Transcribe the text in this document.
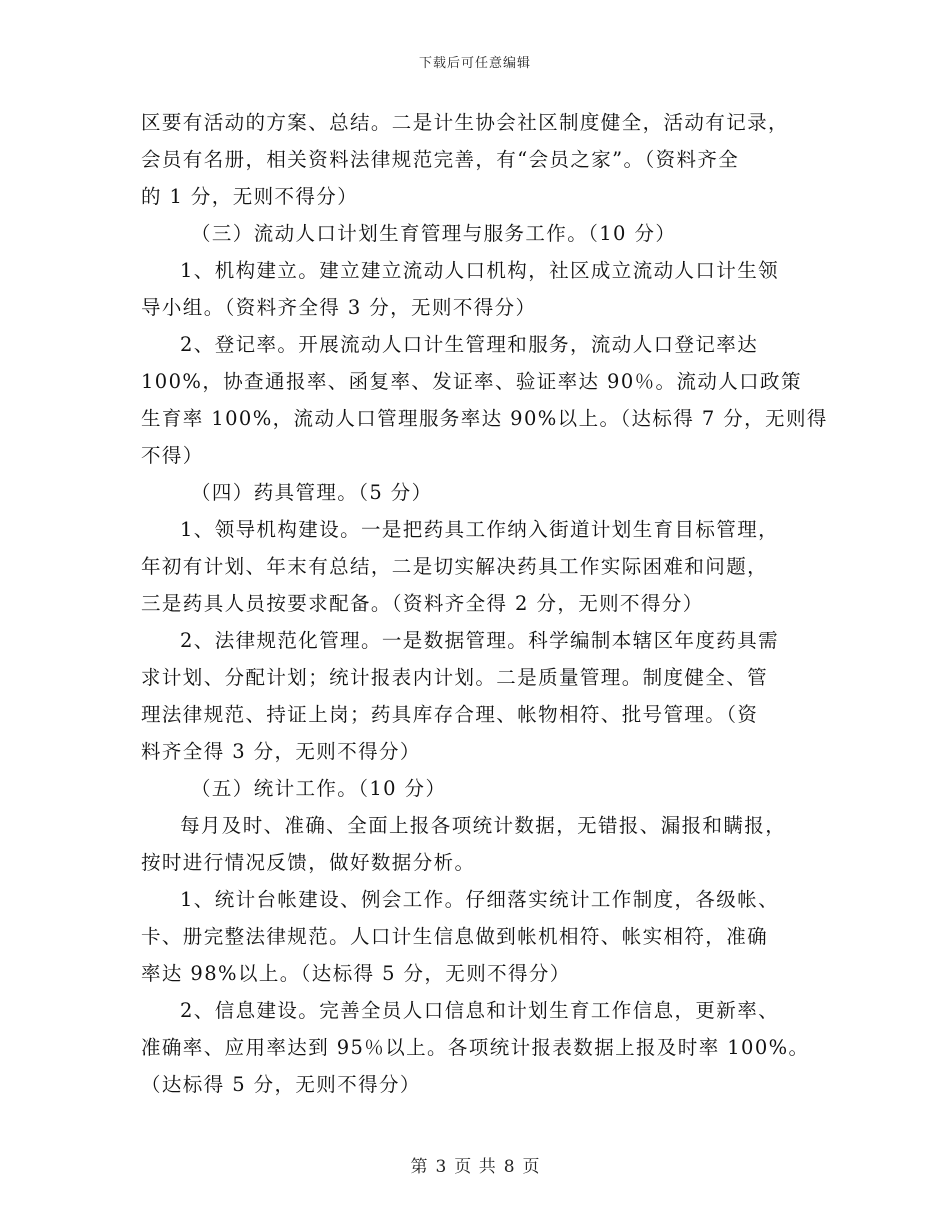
下载后可任意编辑
区要有活动的方案、总结。二是计生协会社区制度健全，活动有记录，
会员有名册，相关资料法律规范完善，有“会员之家”。（资料齐全
的 1 分，无则不得分）
（三）流动人口计划生育管理与服务工作。（10 分）
1、机构建立。建立建立流动人口机构，社区成立流动人口计生领
导小组。（资料齐全得 3 分，无则不得分）
2、登记率。开展流动人口计生管理和服务，流动人口登记率达
100%，协查通报率、函复率、发证率、验证率达 90％。流动人口政策
生育率 100%，流动人口管理服务率达 90%以上。（达标得 7 分，无则得
不得）
（四）药具管理。（5 分）
1、领导机构建设。一是把药具工作纳入街道计划生育目标管理，
年初有计划、年末有总结，二是切实解决药具工作实际困难和问题，
三是药具人员按要求配备。（资料齐全得 2 分，无则不得分）
2、法律规范化管理。一是数据管理。科学编制本辖区年度药具需
求计划、分配计划；统计报表内计划。二是质量管理。制度健全、管
理法律规范、持证上岗；药具库存合理、帐物相符、批号管理。（资
料齐全得 3 分，无则不得分）
（五）统计工作。（10 分）
每月及时、准确、全面上报各项统计数据，无错报、漏报和瞒报，
按时进行情况反馈，做好数据分析。
1、统计台帐建设、例会工作。仔细落实统计工作制度，各级帐、
卡、册完整法律规范。人口计生信息做到帐机相符、帐实相符，准确
率达 98%以上。（达标得 5 分，无则不得分）
2、信息建设。完善全员人口信息和计划生育工作信息，更新率、
准确率、应用率达到 95％以上。各项统计报表数据上报及时率 100%。
（达标得 5 分，无则不得分）
第 3 页 共 8 页
